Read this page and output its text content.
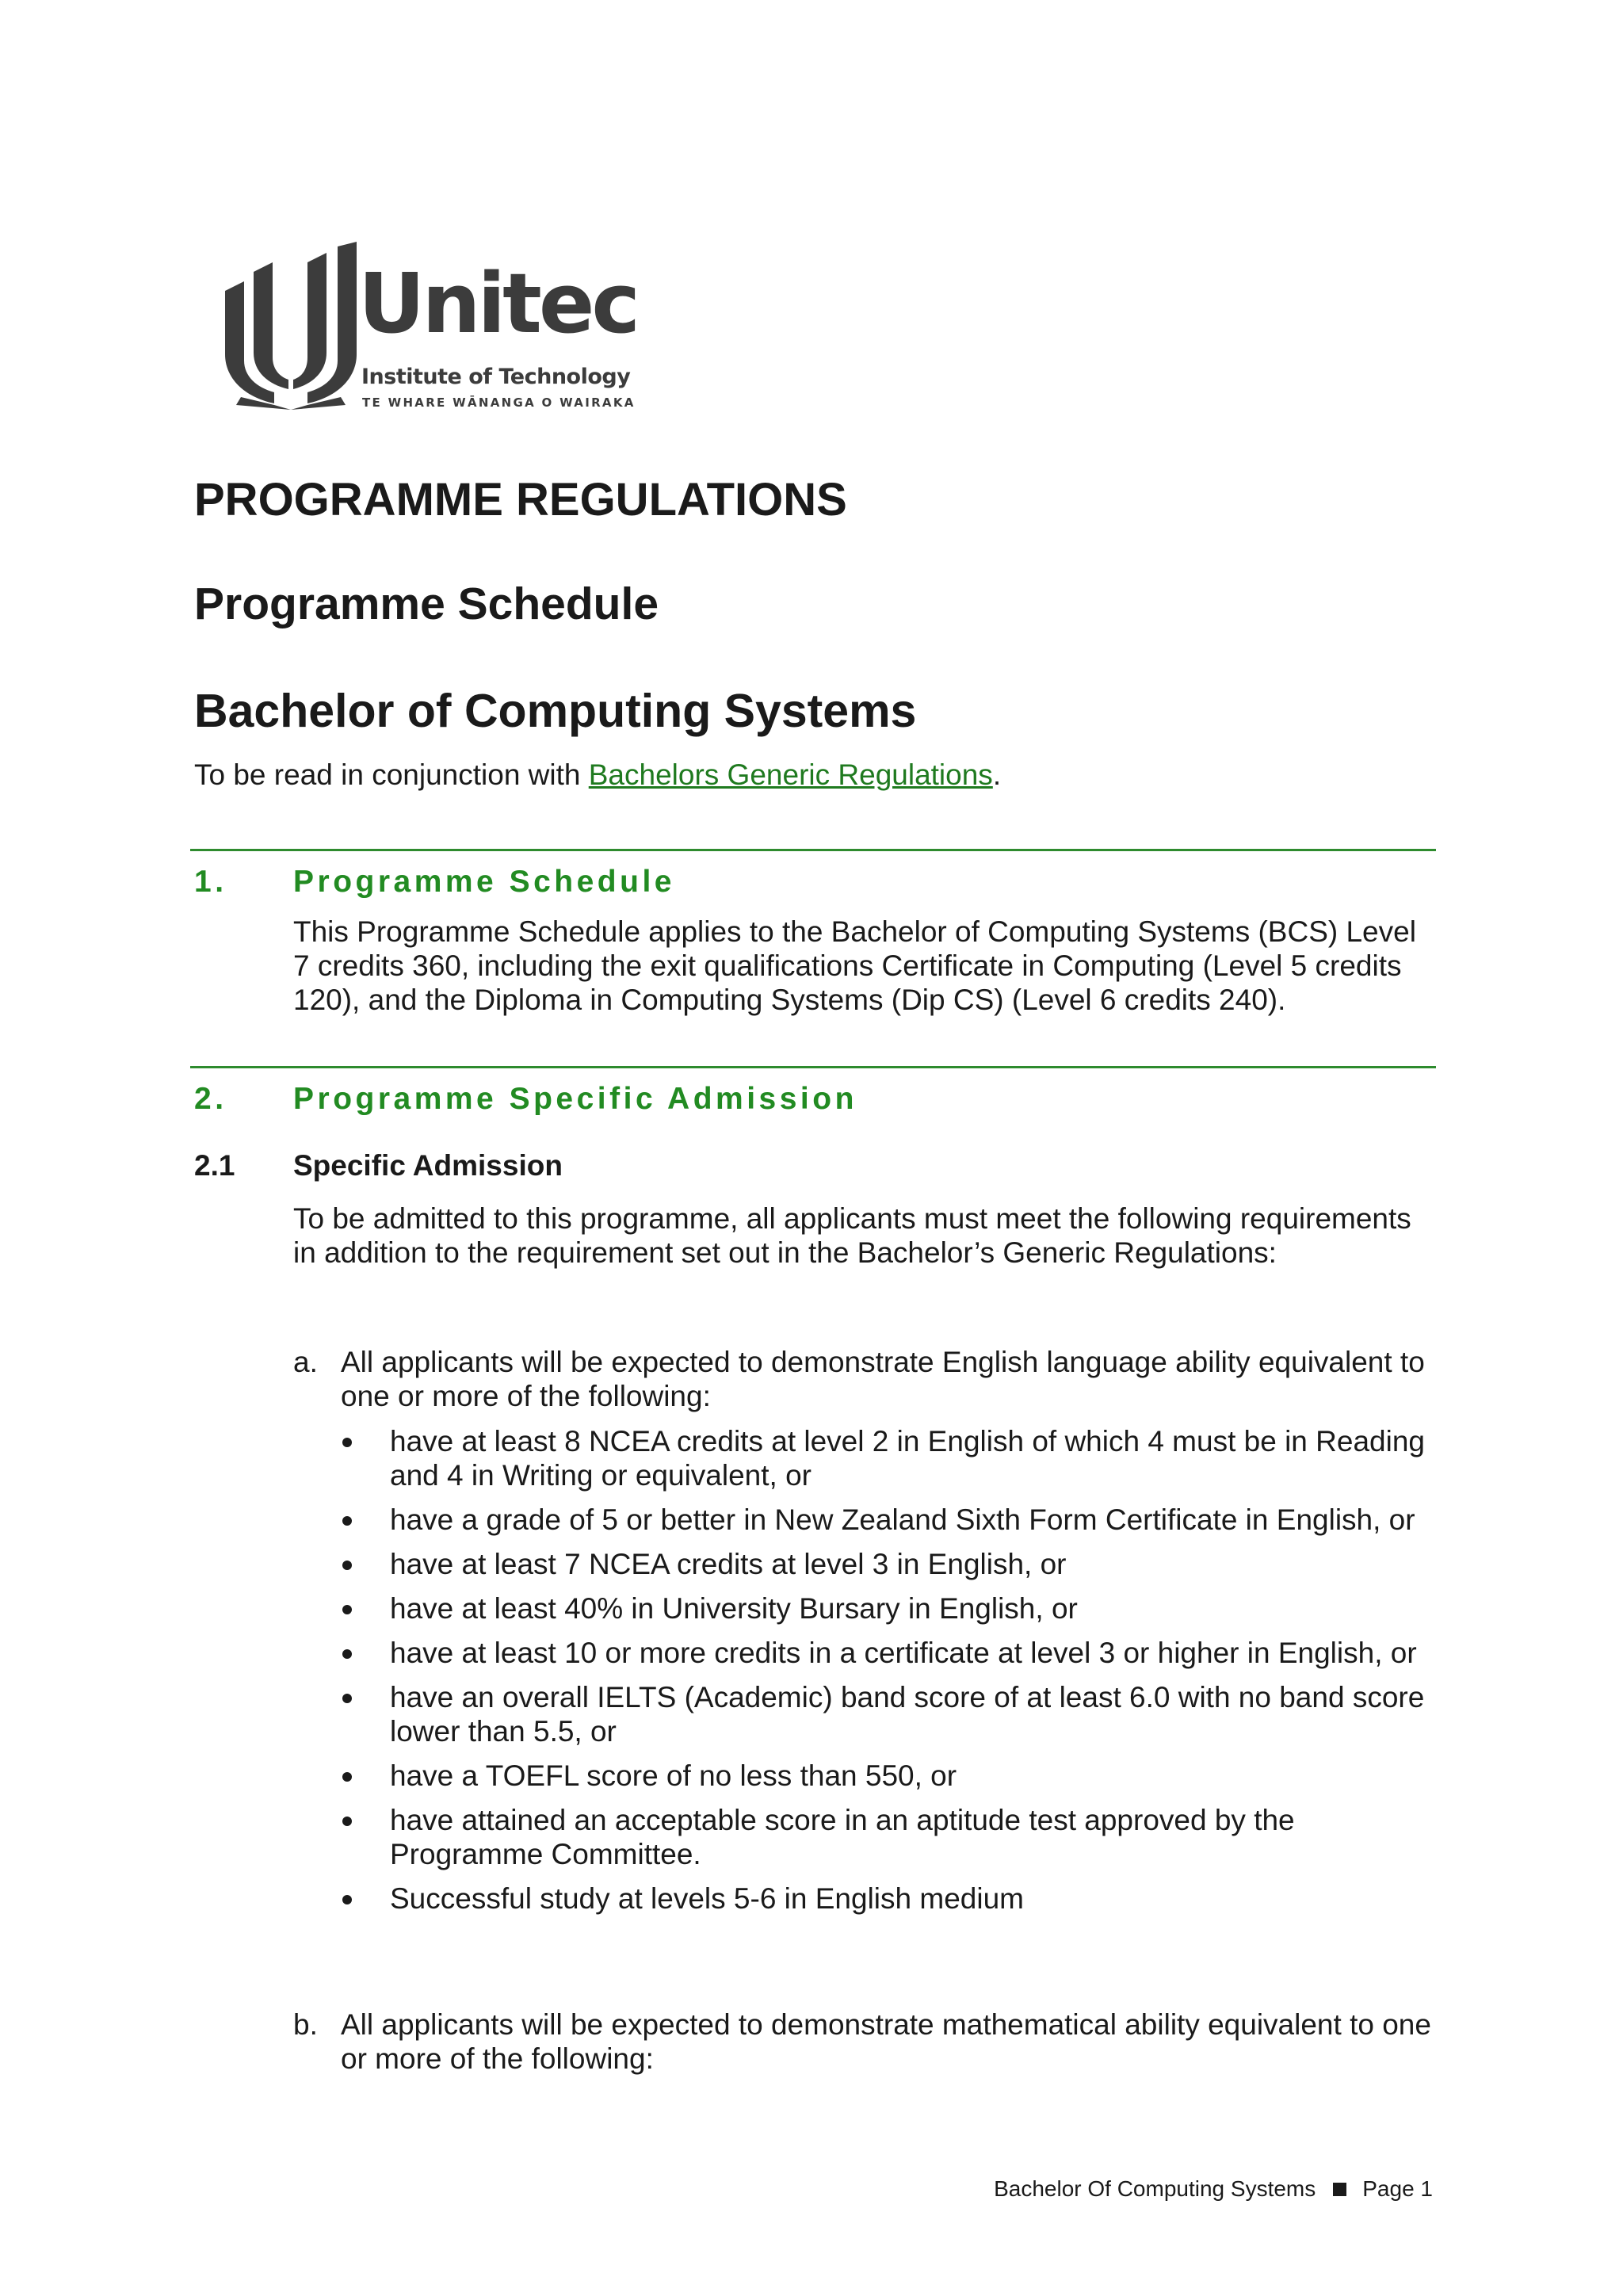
Unitec
Institute of Technology
TE WHARE WĀNANGA O WAIRAKA
PROGRAMME REGULATIONS
Programme Schedule
Bachelor of Computing Systems
To be read in conjunction with Bachelors Generic Regulations.
1. Programme Schedule
This Programme Schedule applies to the Bachelor of Computing Systems (BCS) Level 7 credits 360, including the exit qualifications Certificate in Computing (Level 5 credits 120), and the Diploma in Computing Systems (Dip CS) (Level 6 credits 240).
2. Programme Specific Admission
2.1 Specific Admission
To be admitted to this programme, all applicants must meet the following requirements in addition to the requirement set out in the Bachelor’s Generic Regulations:
a. All applicants will be expected to demonstrate English language ability equivalent to one or more of the following:
have at least 8 NCEA credits at level 2 in English of which 4 must be in Reading and 4 in Writing or equivalent, or
have a grade of 5 or better in New Zealand Sixth Form Certificate in English, or
have at least 7 NCEA credits at level 3 in English, or
have at least 40% in University Bursary in English, or
have at least 10 or more credits in a certificate at level 3 or higher in English, or
have an overall IELTS (Academic) band score of at least 6.0 with no band score lower than 5.5, or
have a TOEFL score of no less than 550, or
have attained an acceptable score in an aptitude test approved by the Programme Committee.
Successful study at levels 5-6 in English medium
b. All applicants will be expected to demonstrate mathematical ability equivalent to one or more of the following:
Bachelor Of Computing Systems Page 1
